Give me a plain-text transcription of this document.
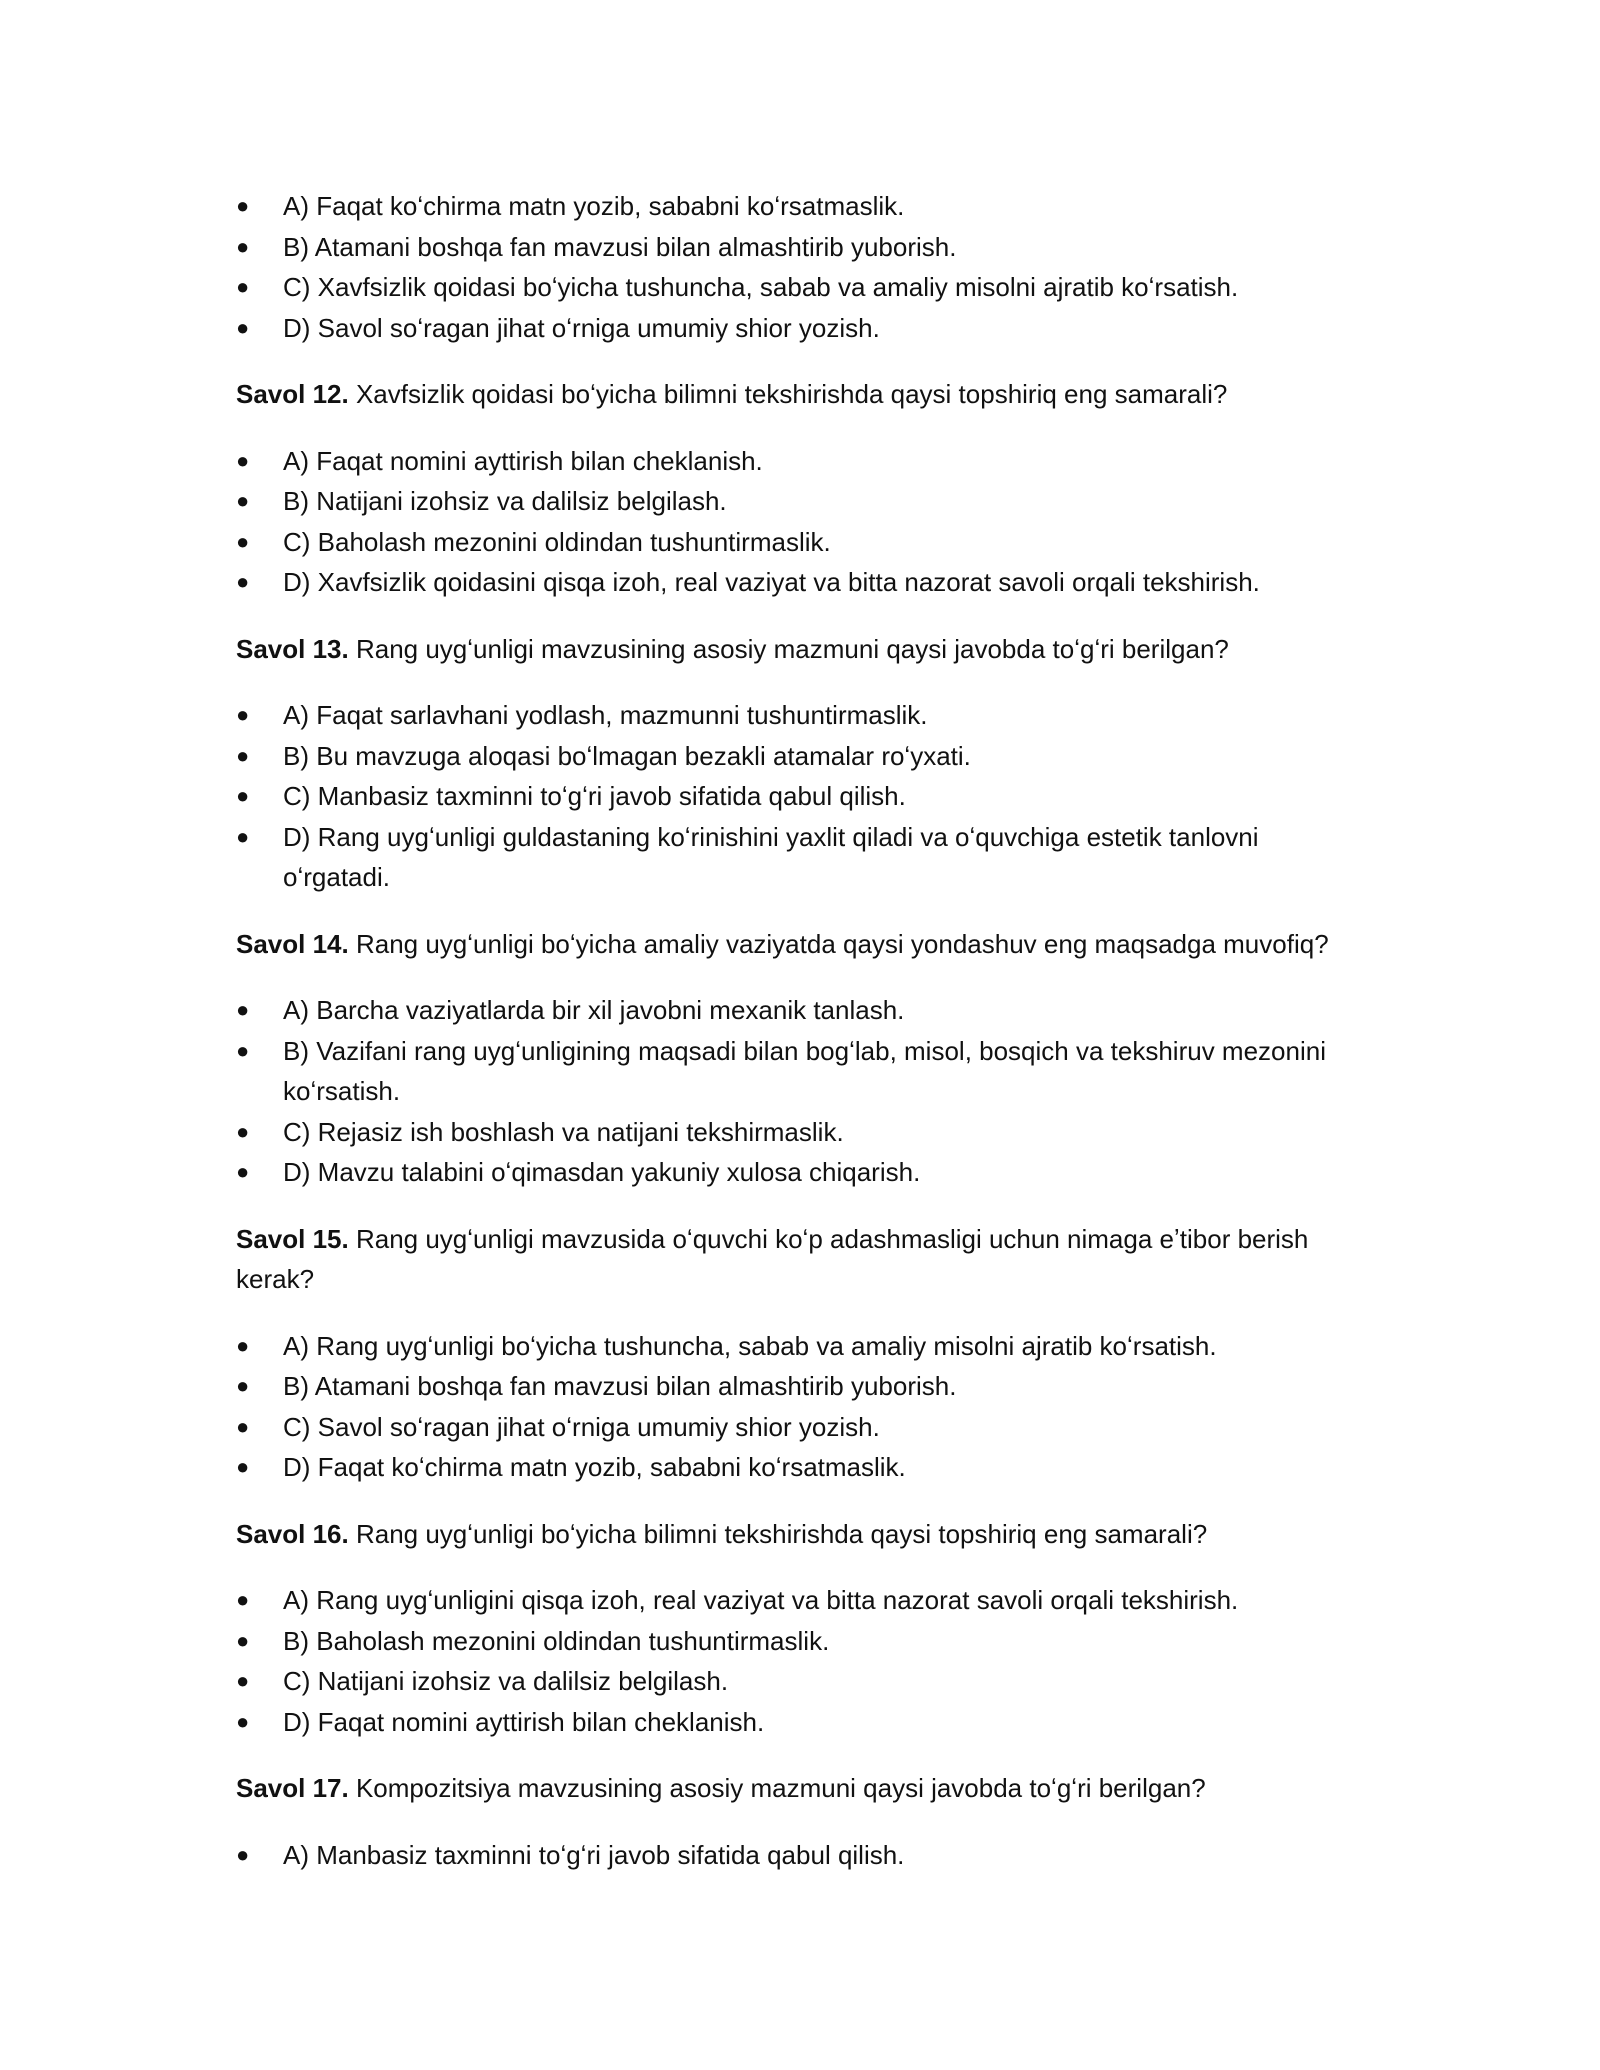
●	A) Faqat koʻchirma matn yozib, sababni koʻrsatmaslik.
●	B) Atamani boshqa fan mavzusi bilan almashtirib yuborish.
●	C) Xavfsizlik qoidasi boʻyicha tushuncha, sabab va amaliy misolni ajratib koʻrsatish.
●	D) Savol soʻragan jihat oʻrniga umumiy shior yozish.

Savol 12. Xavfsizlik qoidasi boʻyicha bilimni tekshirishda qaysi topshiriq eng samarali?

●	A) Faqat nomini ayttirish bilan cheklanish.
●	B) Natijani izohsiz va dalilsiz belgilash.
●	C) Baholash mezonini oldindan tushuntirmaslik.
●	D) Xavfsizlik qoidasini qisqa izoh, real vaziyat va bitta nazorat savoli orqali tekshirish.

Savol 13. Rang uygʻunligi mavzusining asosiy mazmuni qaysi javobda toʻgʻri berilgan?

●	A) Faqat sarlavhani yodlash, mazmunni tushuntirmaslik.
●	B) Bu mavzuga aloqasi boʻlmagan bezakli atamalar roʻyxati.
●	C) Manbasiz taxminni toʻgʻri javob sifatida qabul qilish.
●	D) Rang uygʻunligi guldastaning koʻrinishini yaxlit qiladi va oʻquvchiga estetik tanlovni oʻrgatadi.

Savol 14. Rang uygʻunligi boʻyicha amaliy vaziyatda qaysi yondashuv eng maqsadga muvofiq?

●	A) Barcha vaziyatlarda bir xil javobni mexanik tanlash.
●	B) Vazifani rang uygʻunligining maqsadi bilan bogʻlab, misol, bosqich va tekshiruv mezonini koʻrsatish.
●	C) Rejasiz ish boshlash va natijani tekshirmaslik.
●	D) Mavzu talabini oʻqimasdan yakuniy xulosa chiqarish.

Savol 15. Rang uygʻunligi mavzusida oʻquvchi koʻp adashmasligi uchun nimaga eʼtibor berish kerak?

●	A) Rang uygʻunligi boʻyicha tushuncha, sabab va amaliy misolni ajratib koʻrsatish.
●	B) Atamani boshqa fan mavzusi bilan almashtirib yuborish.
●	C) Savol soʻragan jihat oʻrniga umumiy shior yozish.
●	D) Faqat koʻchirma matn yozib, sababni koʻrsatmaslik.

Savol 16. Rang uygʻunligi boʻyicha bilimni tekshirishda qaysi topshiriq eng samarali?

●	A) Rang uygʻunligini qisqa izoh, real vaziyat va bitta nazorat savoli orqali tekshirish.
●	B) Baholash mezonini oldindan tushuntirmaslik.
●	C) Natijani izohsiz va dalilsiz belgilash.
●	D) Faqat nomini ayttirish bilan cheklanish.

Savol 17. Kompozitsiya mavzusining asosiy mazmuni qaysi javobda toʻgʻri berilgan?

●	A) Manbasiz taxminni toʻgʻri javob sifatida qabul qilish.
